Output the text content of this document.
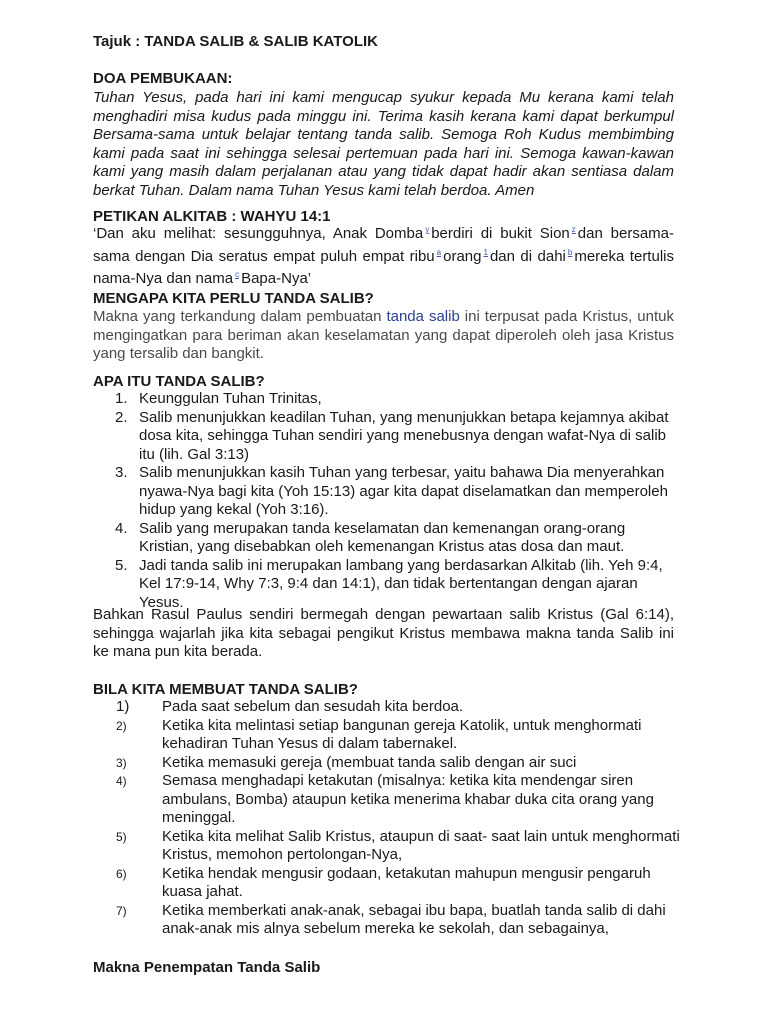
Tajuk : TANDA SALIB & SALIB KATOLIK
DOA PEMBUKAAN:
Tuhan Yesus, pada hari ini kami mengucap syukur kepada Mu kerana kami telah menghadiri misa kudus pada minggu ini. Terima kasih kerana kami dapat berkumpul Bersama-sama untuk belajar tentang tanda salib. Semoga Roh Kudus membimbing kami pada saat ini sehingga selesai pertemuan pada hari ini. Semoga kawan-kawan kami yang masih dalam perjalanan atau yang tidak dapat hadir akan sentiasa dalam berkat Tuhan. Dalam nama Tuhan Yesus kami telah berdoa. Amen
PETIKAN ALKITAB : WAHYU 14:1
‘Dan aku melihat: sesungguhnya, Anak Domba $^y$ berdiri di bukit Sion $^z$ dan bersama-sama dengan Dia seratus empat puluh empat ribu $^a$ orang $^1$ dan di dahi $^b$ mereka tertulis nama-Nya dan nama $^c$ Bapa-Nya’
MENGAPA KITA PERLU TANDA SALIB?
Makna yang terkandung dalam pembuatan tanda salib ini terpusat pada Kristus, untuk mengingatkan para beriman akan keselamatan yang dapat diperoleh oleh jasa Kristus yang tersalib dan bangkit.
APA ITU TANDA SALIB?
1. Keunggulan Tuhan Trinitas,
2. Salib menunjukkan keadilan Tuhan, yang menunjukkan betapa kejamnya akibat dosa kita, sehingga Tuhan sendiri yang menebusnya dengan wafat-Nya di salib itu (lih. Gal 3:13)
3. Salib menunjukkan kasih Tuhan yang terbesar, yaitu bahawa Dia menyerahkan nyawa-Nya bagi kita (Yoh 15:13) agar kita dapat diselamatkan dan memperoleh hidup yang kekal (Yoh 3:16).
4. Salib yang merupakan tanda keselamatan dan kemenangan orang-orang Kristian, yang disebabkan oleh kemenangan Kristus atas dosa dan maut.
5. Jadi tanda salib ini merupakan lambang yang berdasarkan Alkitab (lih. Yeh 9:4, Kel 17:9-14, Why 7:3, 9:4 dan 14:1), dan tidak bertentangan dengan ajaran Yesus.
Bahkan Rasul Paulus sendiri bermegah dengan pewartaan salib Kristus (Gal 6:14), sehingga wajarlah jika kita sebagai pengikut Kristus membawa makna tanda Salib ini ke mana pun kita berada.
BILA KITA MEMBUAT TANDA SALIB?
1) Pada saat sebelum dan sesudah kita berdoa.
2) Ketika kita melintasi setiap bangunan gereja Katolik, untuk menghormati kehadiran Tuhan Yesus di dalam tabernakel.
3) Ketika memasuki gereja (membuat tanda salib dengan air suci
4) Semasa menghadapi ketakutan (misalnya: ketika kita mendengar siren ambulans, Bomba) ataupun ketika menerima khabar duka cita orang yang meninggal.
5) Ketika kita melihat Salib Kristus, ataupun di saat- saat lain untuk menghormati Kristus, memohon pertolongan-Nya,
6) Ketika hendak mengusir godaan, ketakutan mahupun mengusir pengaruh kuasa jahat.
7) Ketika memberkati anak-anak, sebagai ibu bapa, buatlah tanda salib di dahi anak-anak mis alnya sebelum mereka ke sekolah, dan sebagainya,
Makna Penempatan Tanda Salib
